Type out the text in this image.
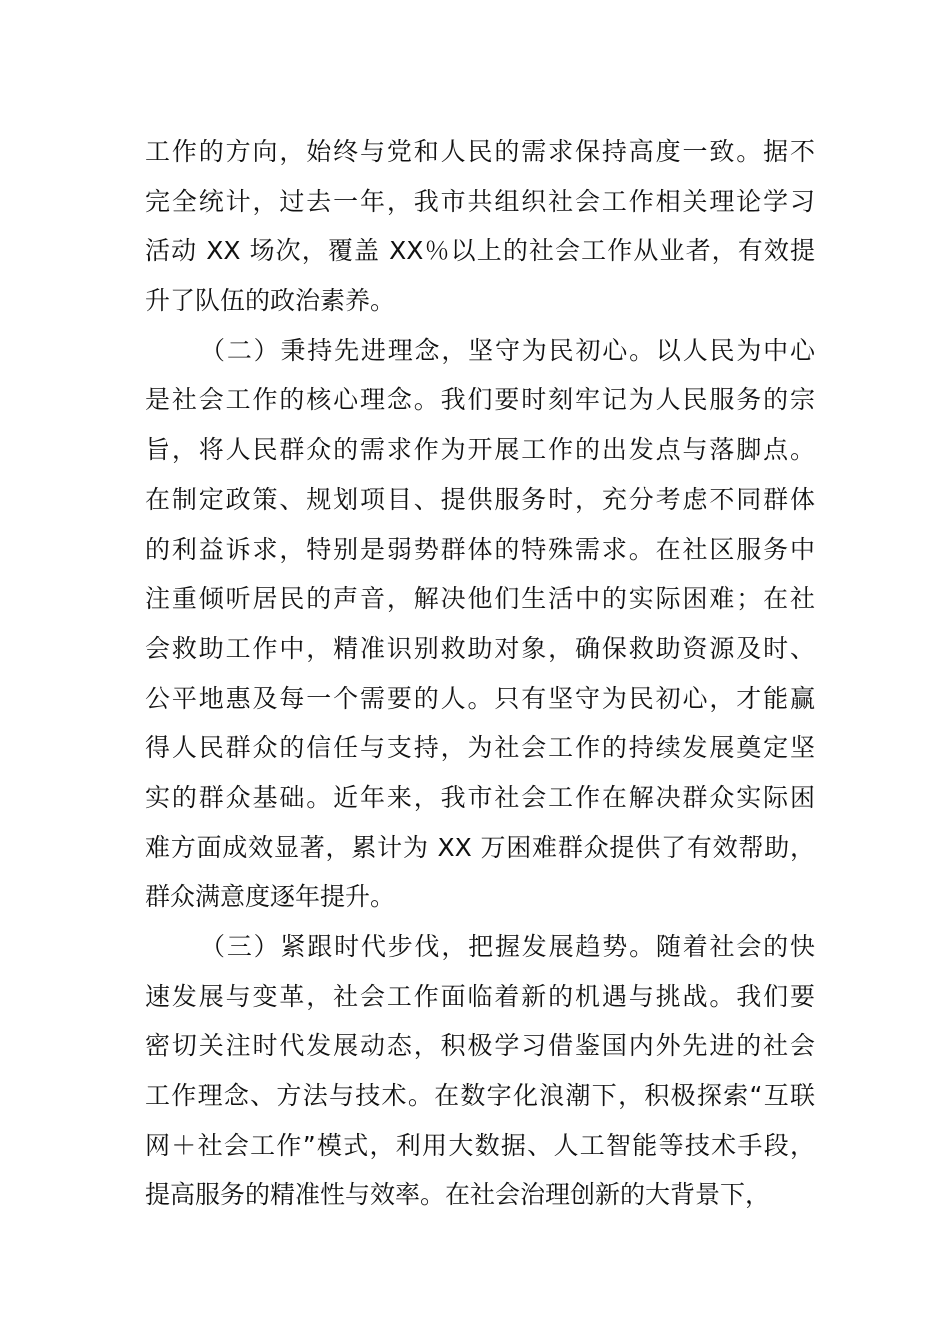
工作的方向，始终与党和人民的需求保持高度一致。据不
完全统计，过去一年，我市共组织社会工作相关理论学习
活动 XX 场次，覆盖 XX％以上的社会工作从业者，有效提
升了队伍的政治素养。
（二）秉持先进理念，坚守为民初心。以人民为中心
是社会工作的核心理念。我们要时刻牢记为人民服务的宗
旨，将人民群众的需求作为开展工作的出发点与落脚点。
在制定政策、规划项目、提供服务时，充分考虑不同群体
的利益诉求，特别是弱势群体的特殊需求。在社区服务中
注重倾听居民的声音，解决他们生活中的实际困难；在社
会救助工作中，精准识别救助对象，确保救助资源及时、
公平地惠及每一个需要的人。只有坚守为民初心，才能赢
得人民群众的信任与支持，为社会工作的持续发展奠定坚
实的群众基础。近年来，我市社会工作在解决群众实际困
难方面成效显著，累计为 XX 万困难群众提供了有效帮助，
群众满意度逐年提升。
（三）紧跟时代步伐，把握发展趋势。随着社会的快
速发展与变革，社会工作面临着新的机遇与挑战。我们要
密切关注时代发展动态，积极学习借鉴国内外先进的社会
工作理念、方法与技术。在数字化浪潮下，积极探索“互联
网＋社会工作”模式，利用大数据、人工智能等技术手段，
提高服务的精准性与效率。在社会治理创新的大背景下，
